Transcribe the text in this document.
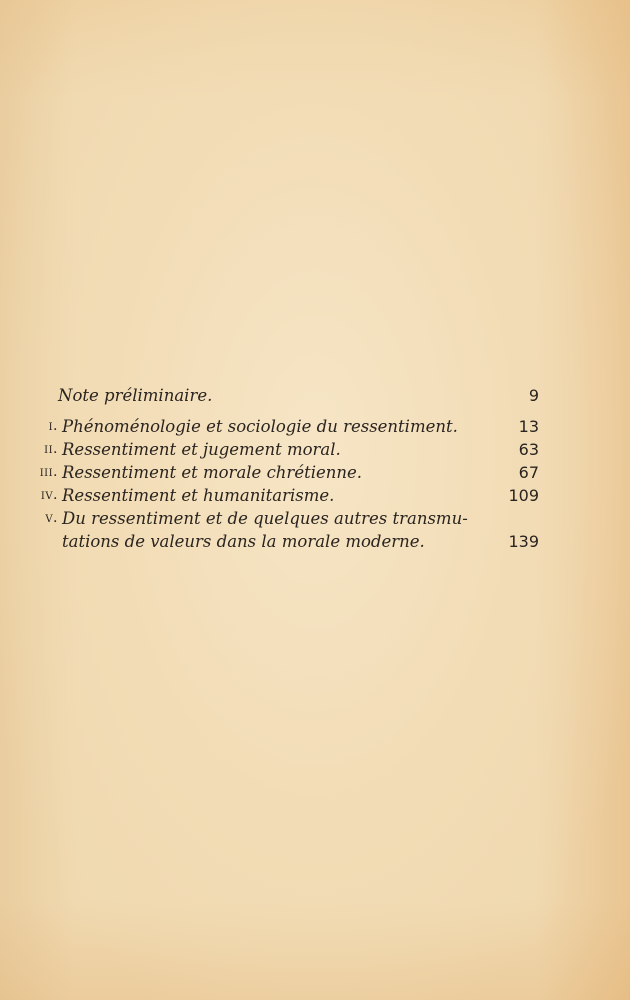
Note préliminaire.	9
i. Phénoménologie et sociologie du ressentiment.	13
ii. Ressentiment et jugement moral.	63
iii. Ressentiment et morale chrétienne.	67
iv. Ressentiment et humanitarisme.	109
v. Du ressentiment et de quelques autres transmu-
tations de valeurs dans la morale moderne.	139
